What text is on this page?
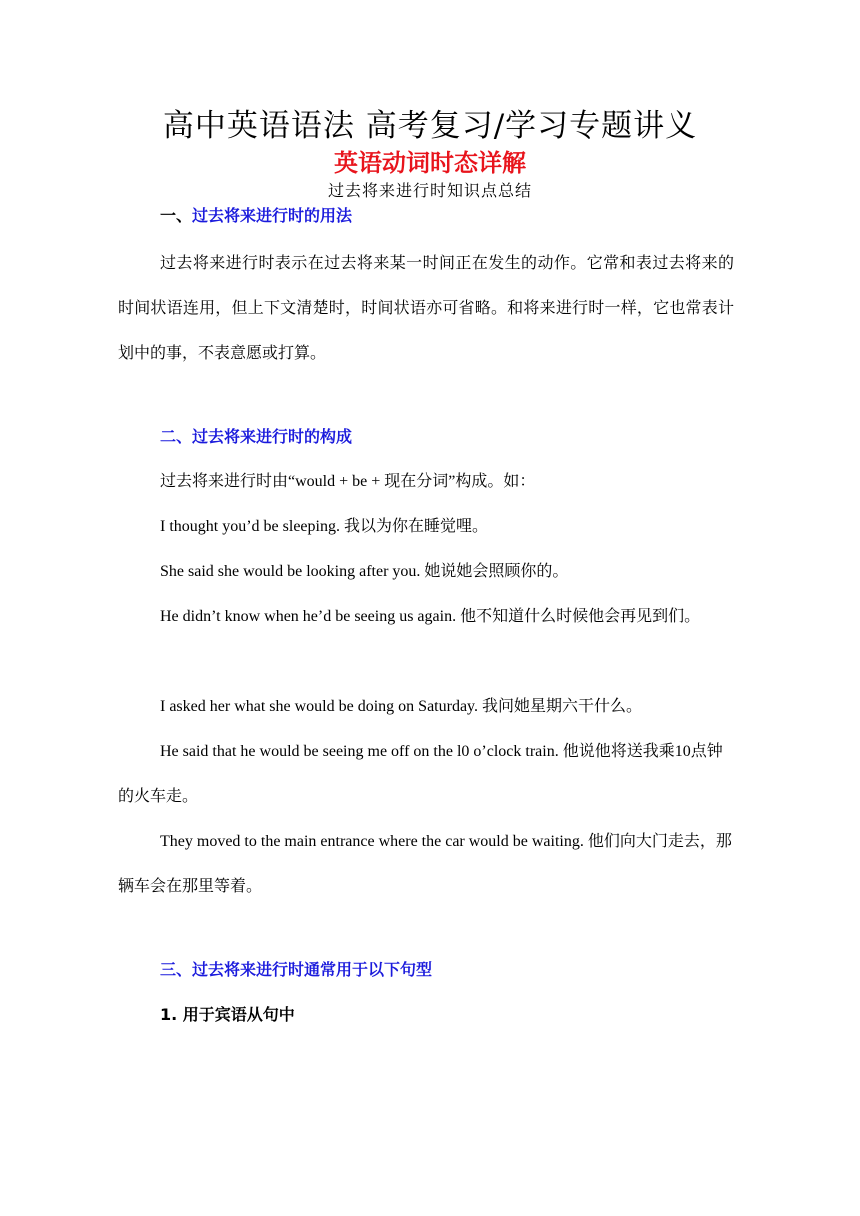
高中英语语法 高考复习/学习专题讲义
英语动词时态详解
过去将来进行时知识点总结
一、过去将来进行时的用法
过去将来进行时表示在过去将来某一时间正在发生的动作。它常和表过去将来的时间状语连用，但上下文清楚时，时间状语亦可省略。和将来进行时一样，它也常表计划中的事，不表意愿或打算。
二、过去将来进行时的构成
过去将来进行时由“would + be + 现在分词”构成。如：
I thought you’d be sleeping. 我以为你在睡觉哩。
She said she would be looking after you. 她说她会照顾你的。
He didn’t know when he’d be seeing us again. 他不知道什么时候他会再见到们。
I asked her what she would be doing on Saturday. 我问她星期六干什么。
He said that he would be seeing me off on the l0 o’clock train. 他说他将送我乘10点钟的火车走。
They moved to the main entrance where the car would be waiting. 他们向大门走去，那辆车会在那里等着。
三、过去将来进行时通常用于以下句型
1. 用于宾语从句中
